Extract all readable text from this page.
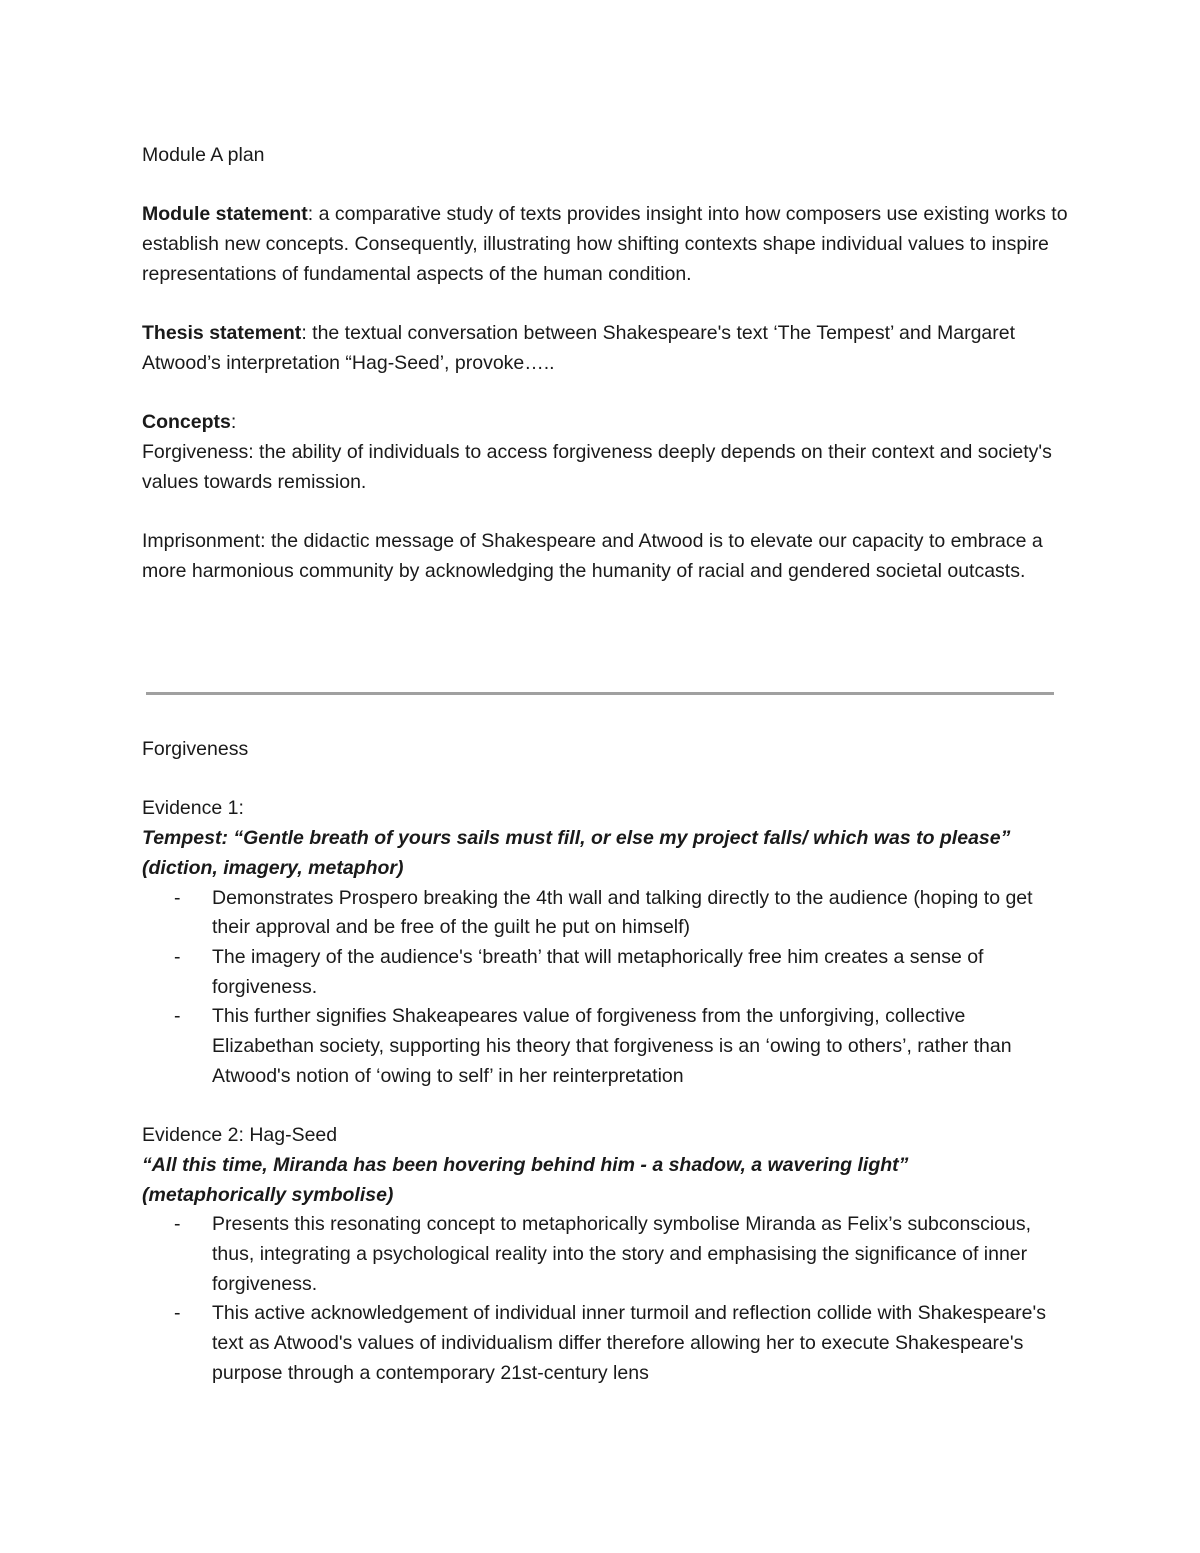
Module A plan

Module statement: a comparative study of texts provides insight into how composers use existing works to establish new concepts. Consequently, illustrating how shifting contexts shape individual values to inspire representations of fundamental aspects of the human condition.

Thesis statement: the textual conversation between Shakespeare's text ‘The Tempest’ and Margaret Atwood’s interpretation “Hag-Seed’, provoke…..

Concepts:

Forgiveness: the ability of individuals to access forgiveness deeply depends on their context and society's values towards remission.

Imprisonment: the didactic message of Shakespeare and Atwood is to elevate our capacity to embrace a more harmonious community by acknowledging the humanity of racial and gendered societal outcasts.

Forgiveness

Evidence 1:

Tempest: “Gentle breath of yours sails must fill, or else my project falls/ which was to please”

(diction, imagery, metaphor)

- Demonstrates Prospero breaking the 4th wall and talking directly to the audience (hoping to get their approval and be free of the guilt he put on himself)
- The imagery of the audience's ‘breath’ that will metaphorically free him creates a sense of forgiveness.
- This further signifies Shakeapeares value of forgiveness from the unforgiving, collective Elizabethan society, supporting his theory that forgiveness is an ‘owing to others’, rather than Atwood's notion of ‘owing to self’ in her reinterpretation

Evidence 2: Hag-Seed

“All this time, Miranda has been hovering behind him - a shadow, a wavering light”

(metaphorically symbolise)

- Presents this resonating concept to metaphorically symbolise Miranda as Felix’s subconscious, thus, integrating a psychological reality into the story and emphasising the significance of inner forgiveness.
- This active acknowledgement of individual inner turmoil and reflection collide with Shakespeare's text as Atwood's values of individualism differ therefore allowing her to execute Shakespeare's purpose through a contemporary 21st-century lens
